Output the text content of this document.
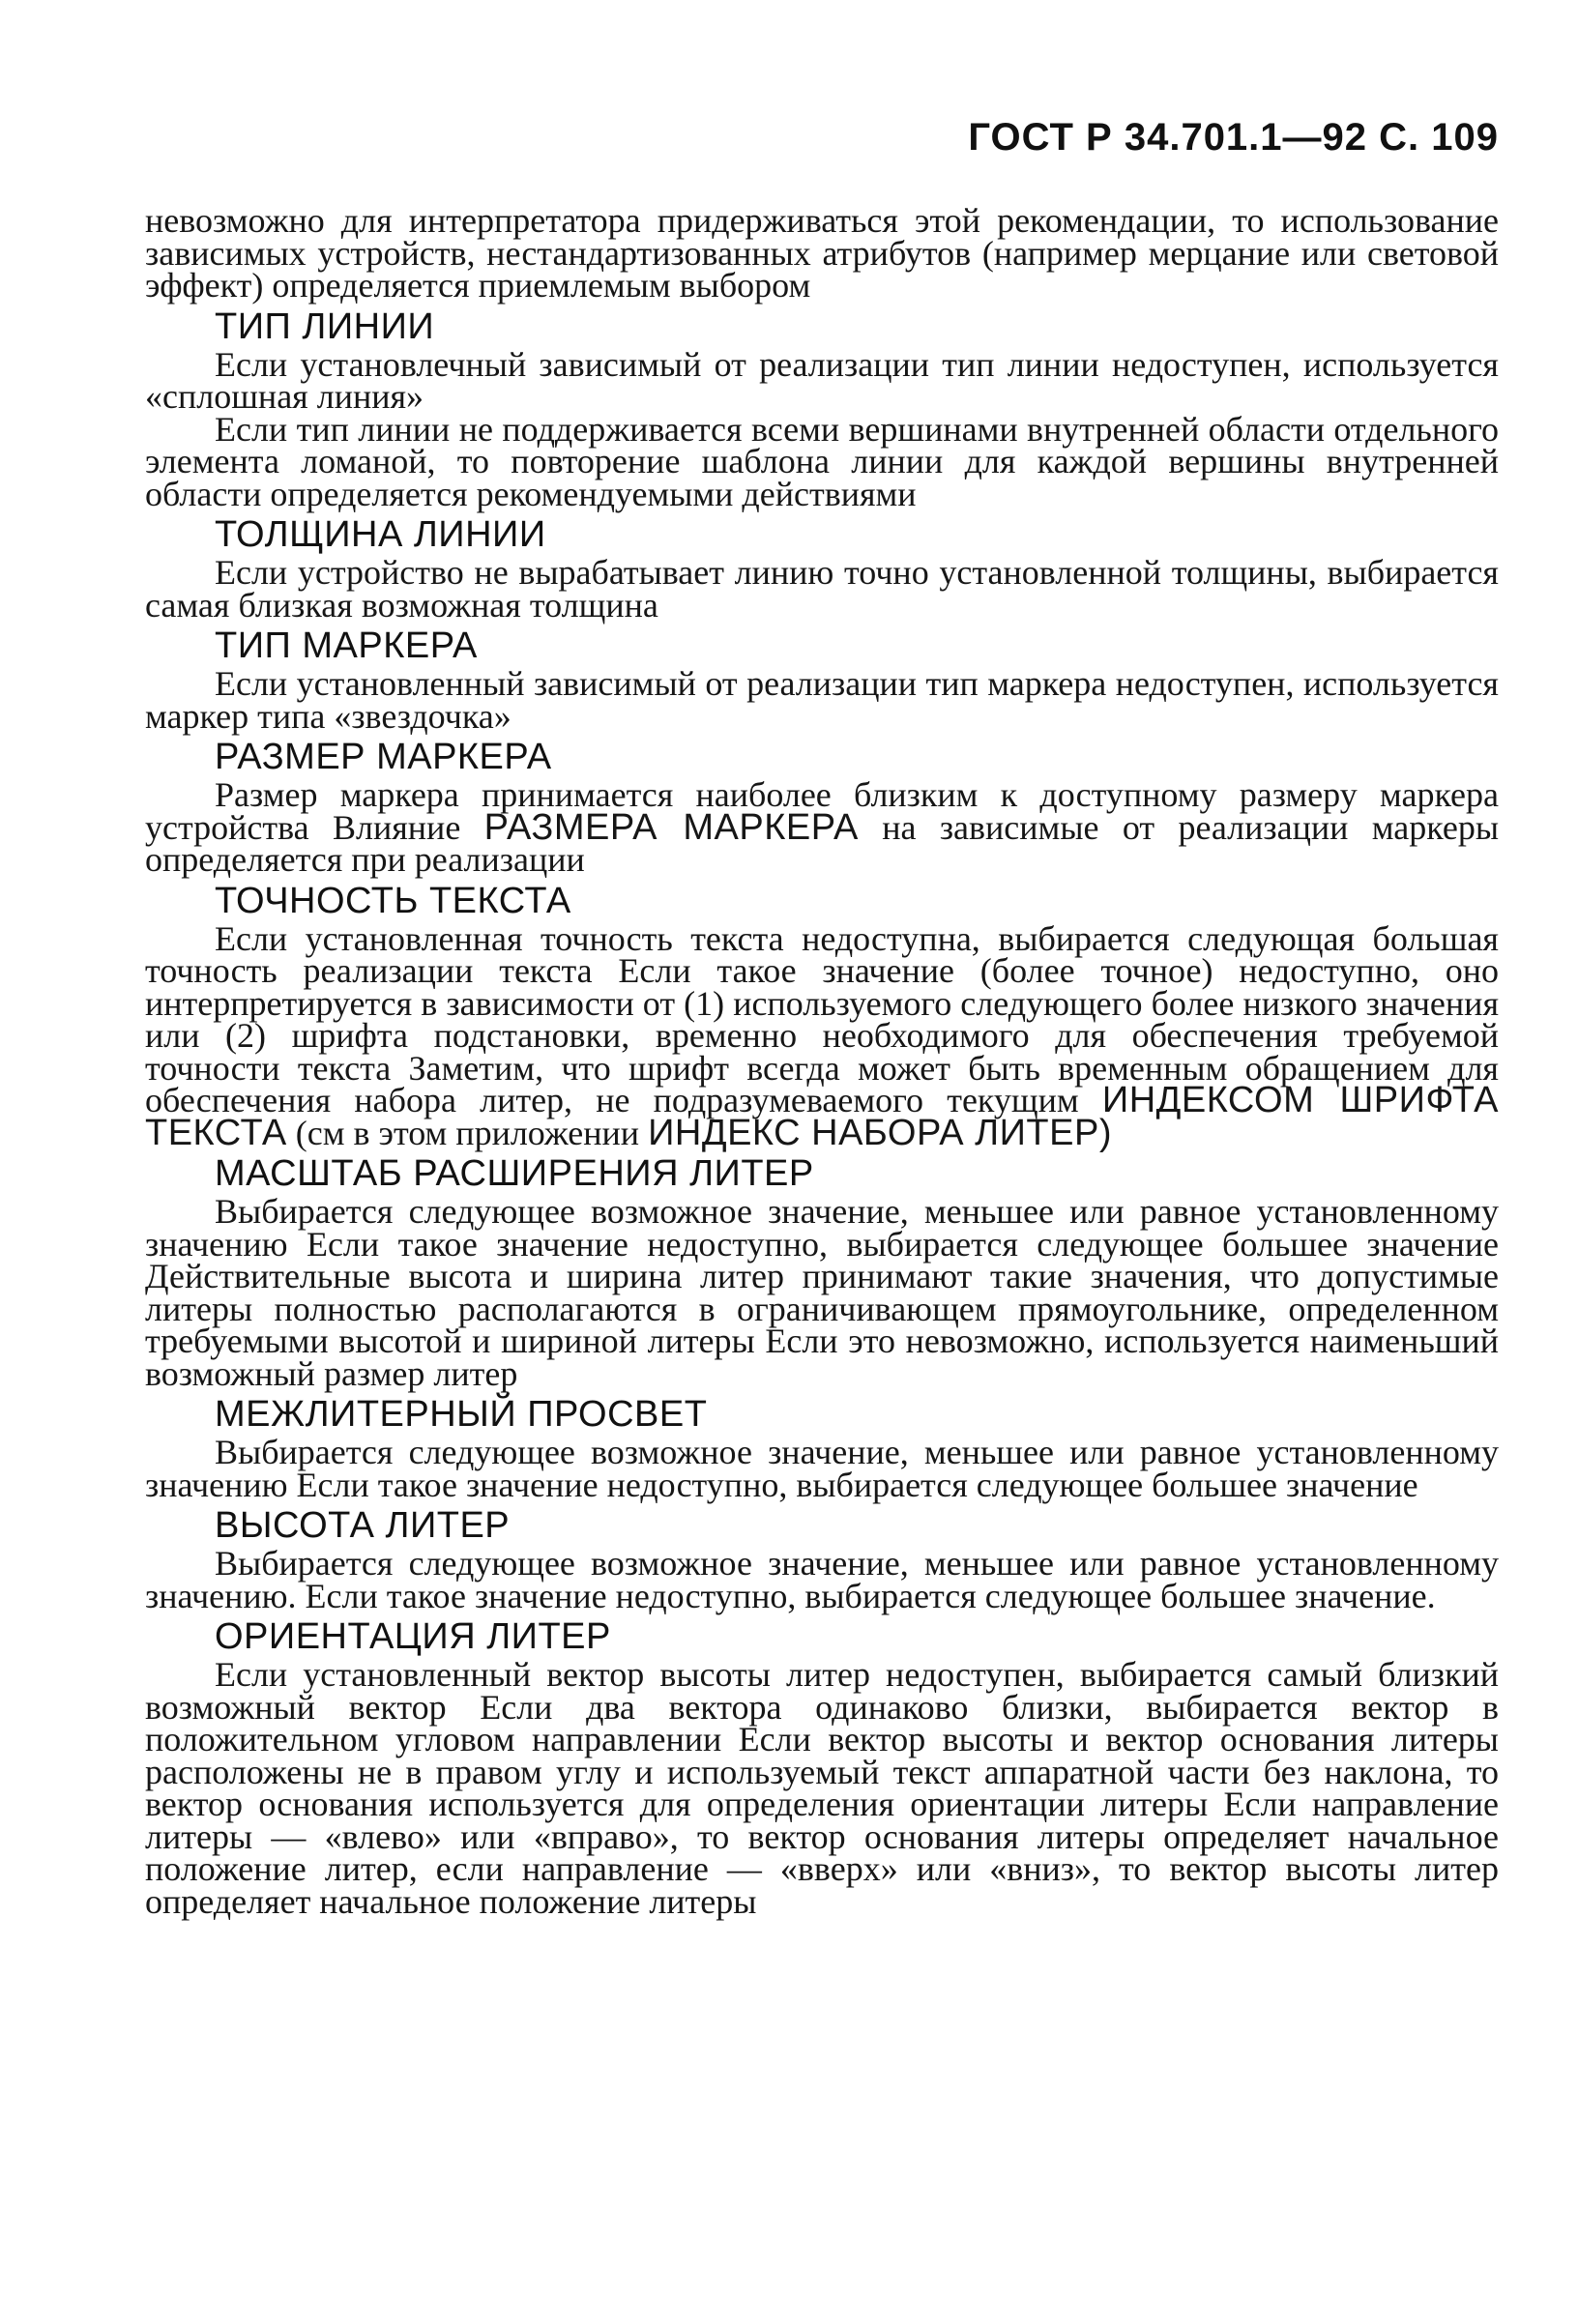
ГОСТ Р 34.701.1—92 С. 109

невозможно для интерпретатора придерживаться этой рекомендации, то использование зависимых устройств, нестандартизованных атрибутов (например мерцание или световой эффект) определяется приемлемым выбором

ТИП ЛИНИИ

Если установлечный зависимый от реализации тип линии недоступен, используется «сплошная линия»

Если тип линии не поддерживается всеми вершинами внутренней области отдельного элемента ломаной, то повторение шаблона линии для каждой вершины внутренней области определяется рекомендуемыми действиями

ТОЛЩИНА ЛИНИИ

Если устройство не вырабатывает линию точно установленной толщины, выбирается самая близкая возможная толщина

ТИП МАРКЕРА

Если установленный зависимый от реализации тип маркера недоступен, используется маркер типа «звездочка»

РАЗМЕР МАРКЕРА

Размер маркера принимается наиболее близким к доступному размеру маркера устройства Влияние РАЗМЕРА МАРКЕРА на зависимые от реализации маркеры определяется при реализации

ТОЧНОСТЬ ТЕКСТА

Если установленная точность текста недоступна, выбирается следующая большая точность реализации текста Если такое значение (более точное) недоступно, оно интерпретируется в зависимости от (1) используемого следующего более низкого значения или (2) шрифта подстановки, временно необходимого для обеспечения требуемой точности текста Заметим, что шрифт всегда может быть временным обращением для обеспечения набора литер, не подразумеваемого текущим ИНДЕКСОМ ШРИФТА ТЕКСТА (см в этом приложении ИНДЕКС НАБОРА ЛИТЕР)

МАСШТАБ РАСШИРЕНИЯ ЛИТЕР

Выбирается следующее возможное значение, меньшее или равное установленному значению Если такое значение недоступно, выбирается следующее большее значение Действительные высота и ширина литер принимают такие значения, что допустимые литеры полностью располагаются в ограничивающем прямоугольнике, определенном требуемыми высотой и шириной литеры Если это невозможно, используется наименьший возможный размер литер

МЕЖЛИТЕРНЫЙ ПРОСВЕТ

Выбирается следующее возможное значение, меньшее или равное установленному значению Если такое значение недоступно, выбирается следующее большее значение

ВЫСОТА ЛИТЕР

Выбирается следующее возможное значение, меньшее или равное установленному значению. Если такое значение недоступно, выбирается следующее большее значение.

ОРИЕНТАЦИЯ ЛИТЕР

Если установленный вектор высоты литер недоступен, выбирается самый близкий возможный вектор Если два вектора одинаково близки, выбирается вектор в положительном угловом направлении Если вектор высоты и вектор основания литеры расположены не в правом углу и используемый текст аппаратной части без наклона, то вектор основания используется для определения ориентации литеры Если направление литеры — «влево» или «вправо», то вектор основания литеры определяет начальное положение литер, если направление — «вверх» или «вниз», то вектор высоты литер определяет начальное положение литеры
